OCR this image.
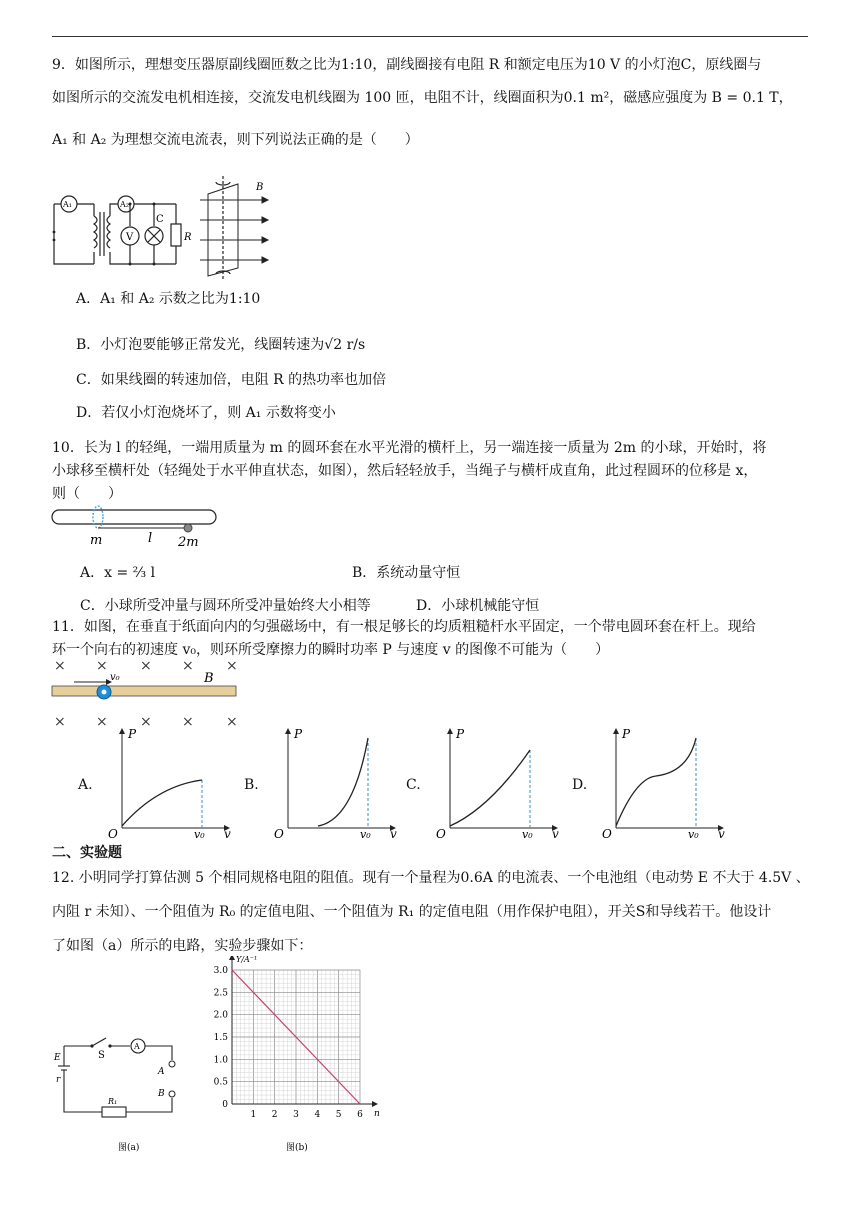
9．如图所示，理想变压器原副线圈匝数之比为1:10，副线圈接有电阻 R 和额定电压为10 V 的小灯泡C，原线圈与
如图所示的交流发电机相连接，交流发电机线圈为 100 匝，电阻不计，线圈面积为0.1 m²，磁感应强度为 B = 0.1 T，
A₁ 和 A₂ 为理想交流电流表，则下列说法正确的是（　　）
A₁	A₂
V
C
R
B
A．A₁ 和 A₂ 示数之比为1:10
B．小灯泡要能够正常发光，线圈转速为√2 r/s
C．如果线圈的转速加倍，电阻 R 的热功率也加倍
D．若仅小灯泡烧坏了，则 A₁ 示数将变小
10．长为 l 的轻绳，一端用质量为 m 的圆环套在水平光滑的横杆上，另一端连接一质量为 2m 的小球，开始时，将
小球移至横杆处（轻绳处于水平伸直状态，如图），然后轻轻放手，当绳子与横杆成直角，此过程圆环的位移是 x，
则（　　）
m	l 2m
A．x = ⅔ l	B．系统动量守恒
C．小球所受冲量与圆环所受冲量始终大小相等	D．小球机械能守恒
11．如图，在垂直于纸面向内的匀强磁场中，有一根足够长的均质粗糙杆水平固定，一个带电圆环套在杆上。现给
环一个向右的初速度 v₀，则环所受摩擦力的瞬时功率 P 与速度 v 的图像不可能为（　　）
× × × × ×
× × × × ×
v₀	B
二、实验题
12. 小明同学打算估测 5 个相同规格电阻的阻值。现有一个量程为0.6A 的电流表、一个电池组（电动势 E 不大于 4.5V 、
内阻 r 未知）、一个阻值为 R₀ 的定值电阻、一个阻值为 R₁ 的定值电阻（用作保护电阻），开关S和导线若干。他设计
了如图（a）所示的电路，实验步骤如下：
S
A
E
r
A
B
R₁
图(a)
3.0
2.5
2.0
1.5
1.0
0.5
0
1 2 3 4 5 6
Y/A⁻¹
n
图(b)
A.
P
O	v₀ v
B.
P
O	v₀ v
C.
P
O	v₀ v
D.
P
O	v₀ v
